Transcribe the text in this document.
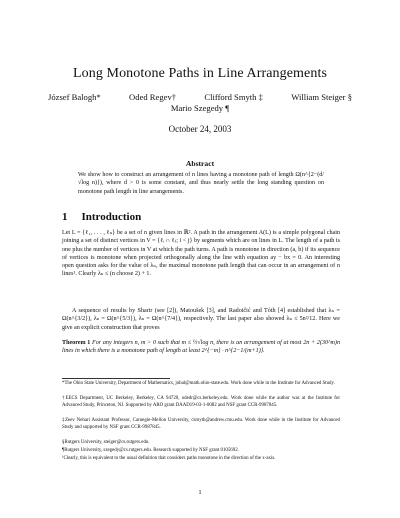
Long Monotone Paths in Line Arrangements
József Balogh*	Oded Regev†	Clifford Smyth ‡	William Steiger §
Mario Szegedy ¶
October 24, 2003
Abstract
We show how to construct an arrangement of n lines having a monotone path of length Ω(n^{2−(d/√log n)}), where d > 0 is some constant, and thus nearly settle the long standing question on monotone path length in line arrangements.
1 Introduction
Let L = {ℓ₁, . . . , ℓₙ} be a set of n given lines in ℝ². A path in the arrangement A(L) is a simple polygonal chain joining a set of distinct vertices in V = {ℓᵢ ∩ ℓⱼ; i < j} by segments which are on lines in L. The length of a path is one plus the number of vertices in V at which the path turns. A path is monotone in direction (a, b) if its sequence of vertices is monotone when projected orthogonally along the line with equation ay − bx = 0. An interesting open question asks for the value of λₙ, the maximal monotone path length that can occur in an arrangement of n lines¹. Clearly λₙ ≤ (n choose 2) + 1.
A sequence of results by Sharir (see [2]), Matoušek [3], and Radoičić and Tóth [4] established that λₙ = Ω(n^{3/2}), λₙ = Ω(n^{5/3}), λₙ = Ω(n^{7/4}), respectively. The last paper also showed λₙ ≤ 5n²/12. Here we give an explicit construction that proves
Theorem 1 For any integers n, m > 0 such that m ≤ ½√log n, there is an arrangement of at most 2n + 2(30^m)n lines in which there is a monotone path of length at least 2^{−m} · n^{2−1/(m+1)}.
*The Ohio State University, Department of Mathematics, jobal@math.ohio-state.edu. Work done while in the Institute for Advanced Study.
†EECS Department, UC Berkeley, Berkeley, CA 94720, odedr@cs.berkeley.edu. Work done while the author was at the Institute for Advanced Study, Princeton, NJ. Supported by ARO grant DAAD19-03-1-0082 and NSF grant CCR-9987845.
‡Zeev Nehari Assistant Professor, Carnegie-Mellon University, csmyth@andrew.cmu.edu. Work done while in the Institute for Advanced Study and supported by NSF grant CCR-9987845.
§Rutgers University, steiger@cs.rutgers.edu.
¶Rutgers University, szegedy@cs.rutgers.edu. Research supported by NSF grant 0105692.
¹Clearly, this is equivalent to the usual definition that considers paths monotone in the direction of the x-axis.
1
